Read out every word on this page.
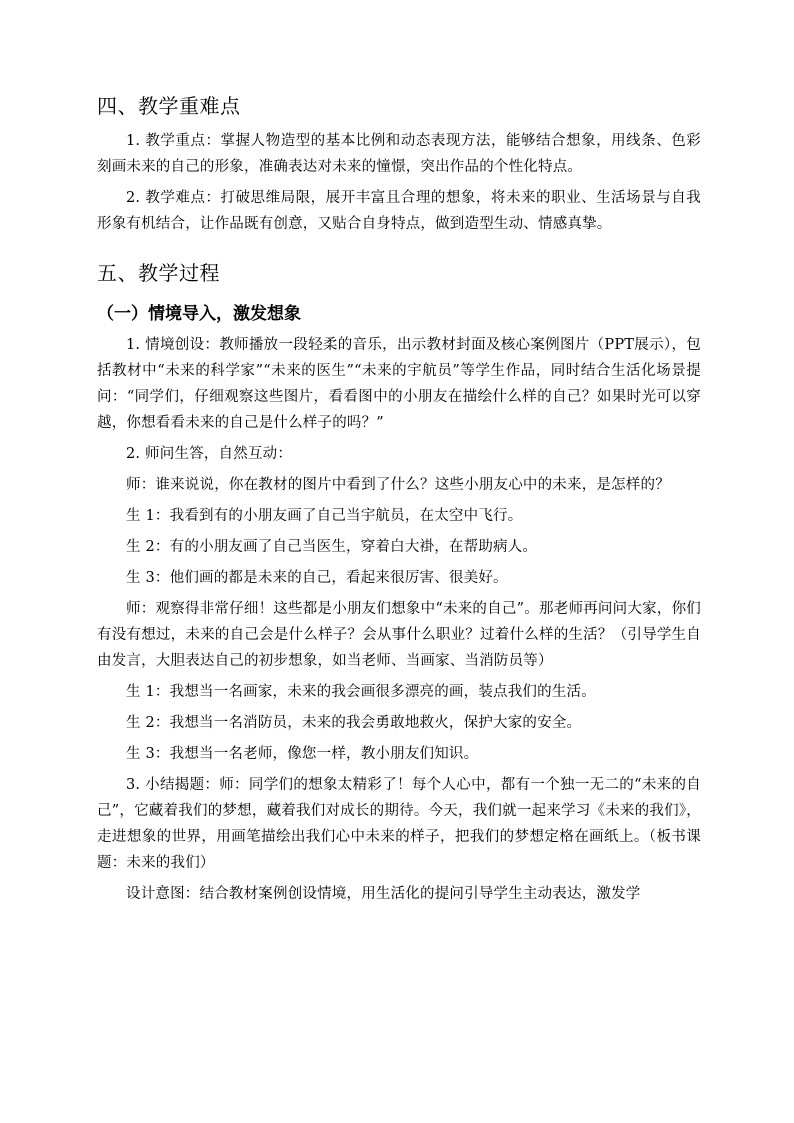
四、教学重难点

1. 教学重点：掌握人物造型的基本比例和动态表现方法，能够结合想象，用线条、色彩刻画未来的自己的形象，准确表达对未来的憧憬，突出作品的个性化特点。

2. 教学难点：打破思维局限，展开丰富且合理的想象，将未来的职业、生活场景与自我形象有机结合，让作品既有创意，又贴合自身特点，做到造型生动、情感真挚。

五、教学过程
（一）情境导入，激发想象

1. 情境创设：教师播放一段轻柔的音乐，出示教材封面及核心案例图片（PPT展示），包括教材中“未来的科学家”“未来的医生”“未来的宇航员”等学生作品，同时结合生活化场景提问：“同学们，仔细观察这些图片，看看图中的小朋友在描绘什么样的自己？如果时光可以穿越，你想看看未来的自己是什么样子的吗？”

2. 师问生答，自然互动：

师：谁来说说，你在教材的图片中看到了什么？这些小朋友心中的未来，是怎样的？

生 1：我看到有的小朋友画了自己当宇航员，在太空中飞行。

生 2：有的小朋友画了自己当医生，穿着白大褂，在帮助病人。

生 3：他们画的都是未来的自己，看起来很厉害、很美好。

师：观察得非常仔细！这些都是小朋友们想象中“未来的自己”。那老师再问问大家，你们有没有想过，未来的自己会是什么样子？会从事什么职业？过着什么样的生活？（引导学生自由发言，大胆表达自己的初步想象，如当老师、当画家、当消防员等）

生 1：我想当一名画家，未来的我会画很多漂亮的画，装点我们的生活。

生 2：我想当一名消防员，未来的我会勇敢地救火，保护大家的安全。

生 3：我想当一名老师，像您一样，教小朋友们知识。

3. 小结揭题：师：同学们的想象太精彩了！每个人心中，都有一个独一无二的“未来的自己”，它藏着我们的梦想，藏着我们对成长的期待。今天，我们就一起来学习《未来的我们》，走进想象的世界，用画笔描绘出我们心中未来的样子，把我们的梦想定格在画纸上。（板书课题：未来的我们）

设计意图：结合教材案例创设情境，用生活化的提问引导学生主动表达，激发学
